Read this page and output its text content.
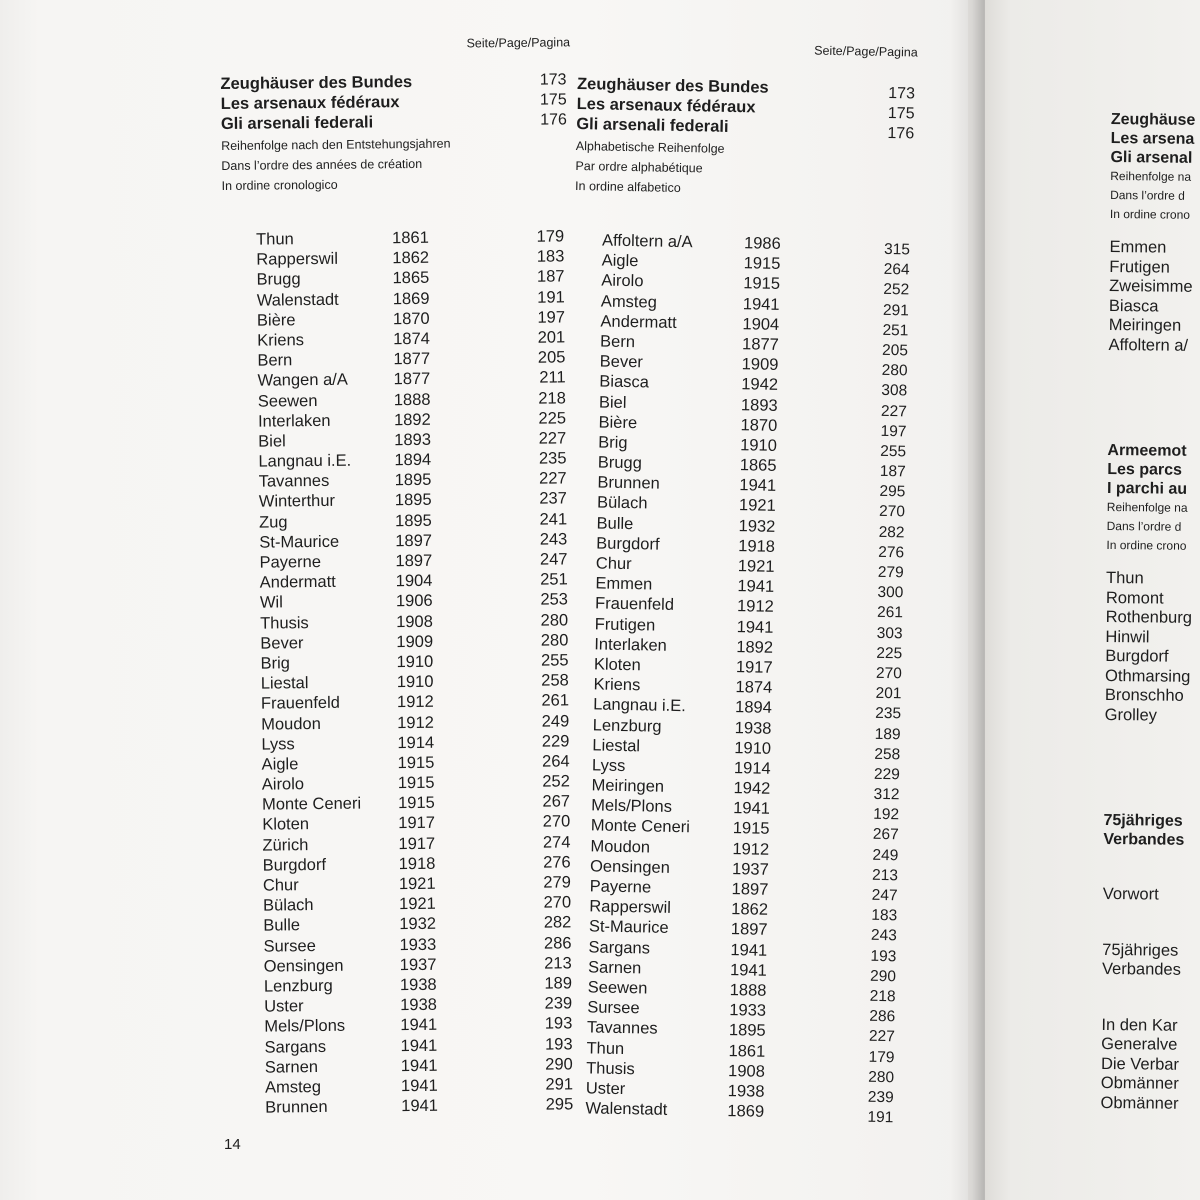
Seite/Page/Pagina
Zeughäuser des Bundes	173
Les arsenaux fédéraux	175
Gli arsenali federali	176
Reihenfolge nach den Entstehungsjahren
Dans l’ordre des années de création
In ordine cronologico
Thun	1861	179
Rapperswil	1862	183
Brugg	1865	187
Walenstadt	1869	191
Bière	1870	197
Kriens	1874	201
Bern	1877	205
Wangen a/A	1877	211
Seewen	1888	218
Interlaken	1892	225
Biel	1893	227
Langnau i.E.	1894	235
Tavannes	1895	227
Winterthur	1895	237
Zug	1895	241
St-Maurice	1897	243
Payerne	1897	247
Andermatt	1904	251
Wil	1906	253
Thusis	1908	280
Bever	1909	280
Brig	1910	255
Liestal	1910	258
Frauenfeld	1912	261
Moudon	1912	249
Lyss	1914	229
Aigle	1915	264
Airolo	1915	252
Monte Ceneri 1915	267
Kloten	1917	270
Zürich	1917	274
Burgdorf	1918	276
Chur	1921	279
Bülach	1921	270
Bulle	1932	282
Sursee	1933	286
Oensingen	1937	213
Lenzburg	1938	189
Uster	1938	239
Mels/Plons	1941	193
Sargans	1941	193
Sarnen	1941	290
Amsteg	1941	291
Brunnen	1941	295
Seite/Page/Pagina
Zeughäuser des Bundes	173
Les arsenaux fédéraux	175
Gli arsenali federali	176
Alphabetische Reihenfolge
Par ordre alphabétique
In ordine alfabetico
Affoltern a/A	1986	315
Aigle	1915	264
Airolo	1915	252
Amsteg	1941	291
Andermatt	1904	251
Bern	1877	205
Bever	1909	280
Biasca	1942	308
Biel	1893	227
Bière	1870	197
Brig	1910	255
Brugg	1865	187
Brunnen	1941	295
Bülach	1921	270
Bulle	1932	282
Burgdorf	1918	276
Chur	1921	279
Emmen	1941	300
Frauenfeld	1912	261
Frutigen	1941	303
Interlaken	1892	225
Kloten	1917	270
Kriens	1874	201
Langnau i.E.	1894	235
Lenzburg	1938	189
Liestal	1910	258
Lyss	1914	229
Meiringen	1942	312
Mels/Plons	1941	192
Monte Ceneri	1915	267
Moudon	1912	249
Oensingen	1937	213
Payerne	1897	247
Rapperswil	1862	183
St-Maurice	1897	243
Sargans	1941	193
Sarnen	1941	290
Seewen	1888	218
Sursee	1933	286
Tavannes	1895	227
Thun	1861	179
Thusis	1908	280
Uster	1938	239
Walenstadt	1869	191
14
Zeughäuse
Les arsena
Gli arsenal
Reihenfolge na
Dans l’ordre d
In ordine crono
Emmen
Frutigen
Zweisimme
Biasca
Meiringen
Affoltern a/
Armeemot
Les parcs
I parchi au
Reihenfolge na
Dans l’ordre d
In ordine crono
Thun
Romont
Rothenburg
Hinwil
Burgdorf
Othmarsing
Bronschho
Grolley
75jähriges
Verbandes
Vorwort
75jähriges
Verbandes
In den Kar
Generalve
Die Verbar
Obmänner
Obmänner
